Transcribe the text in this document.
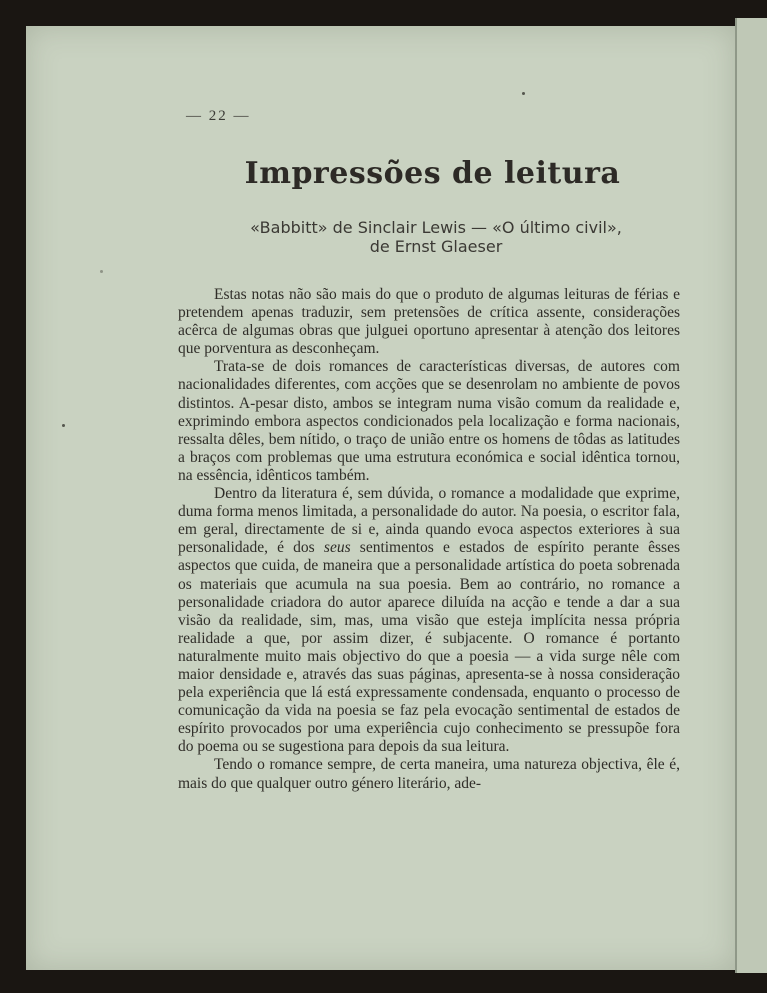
— 22 —
Impressões de leitura
«Babbitt» de Sinclair Lewis — «O último civil»,
de Ernst Glaeser

Estas notas não são mais do que o produto de algumas leituras de férias e pretendem apenas traduzir, sem pretensões de crítica assente, considerações acêrca de algumas obras que julguei oportuno apresentar à atenção dos leitores que porventura as desconheçam.

Trata-se de dois romances de características diversas, de autores com nacionalidades diferentes, com acções que se desenrolam no ambiente de povos distintos. A-pesar disto, ambos se integram numa visão comum da realidade e, exprimindo embora aspectos condicionados pela localização e forma nacionais, ressalta dêles, bem nítido, o traço de união entre os homens de tôdas as latitudes a braços com problemas que uma estrutura económica e social idêntica tornou, na essência, idênticos também.

Dentro da literatura é, sem dúvida, o romance a modalidade que exprime, duma forma menos limitada, a personalidade do autor. Na poesia, o escritor fala, em geral, directamente de si e, ainda quando evoca aspectos exteriores à sua personalidade, é dos seus sentimentos e estados de espírito perante êsses aspectos que cuida, de maneira que a personalidade artística do poeta sobrenada os materiais que acumula na sua poesia. Bem ao contrário, no romance a personalidade criadora do autor aparece diluída na acção e tende a dar a sua visão da realidade, sim, mas, uma visão que esteja implícita nessa própria realidade a que, por assim dizer, é subjacente. O romance é portanto naturalmente muito mais objectivo do que a poesia — a vida surge nêle com maior densidade e, através das suas páginas, apresenta-se à nossa consideração pela experiência que lá está expressamente condensada, enquanto o processo de comunicação da vida na poesia se faz pela evocação sentimental de estados de espírito provocados por uma experiência cujo conhecimento se pressupõe fora do poema ou se sugestiona para depois da sua leitura.

Tendo o romance sempre, de certa maneira, uma natureza objectiva, êle é, mais do que qualquer outro género literário, ade-
